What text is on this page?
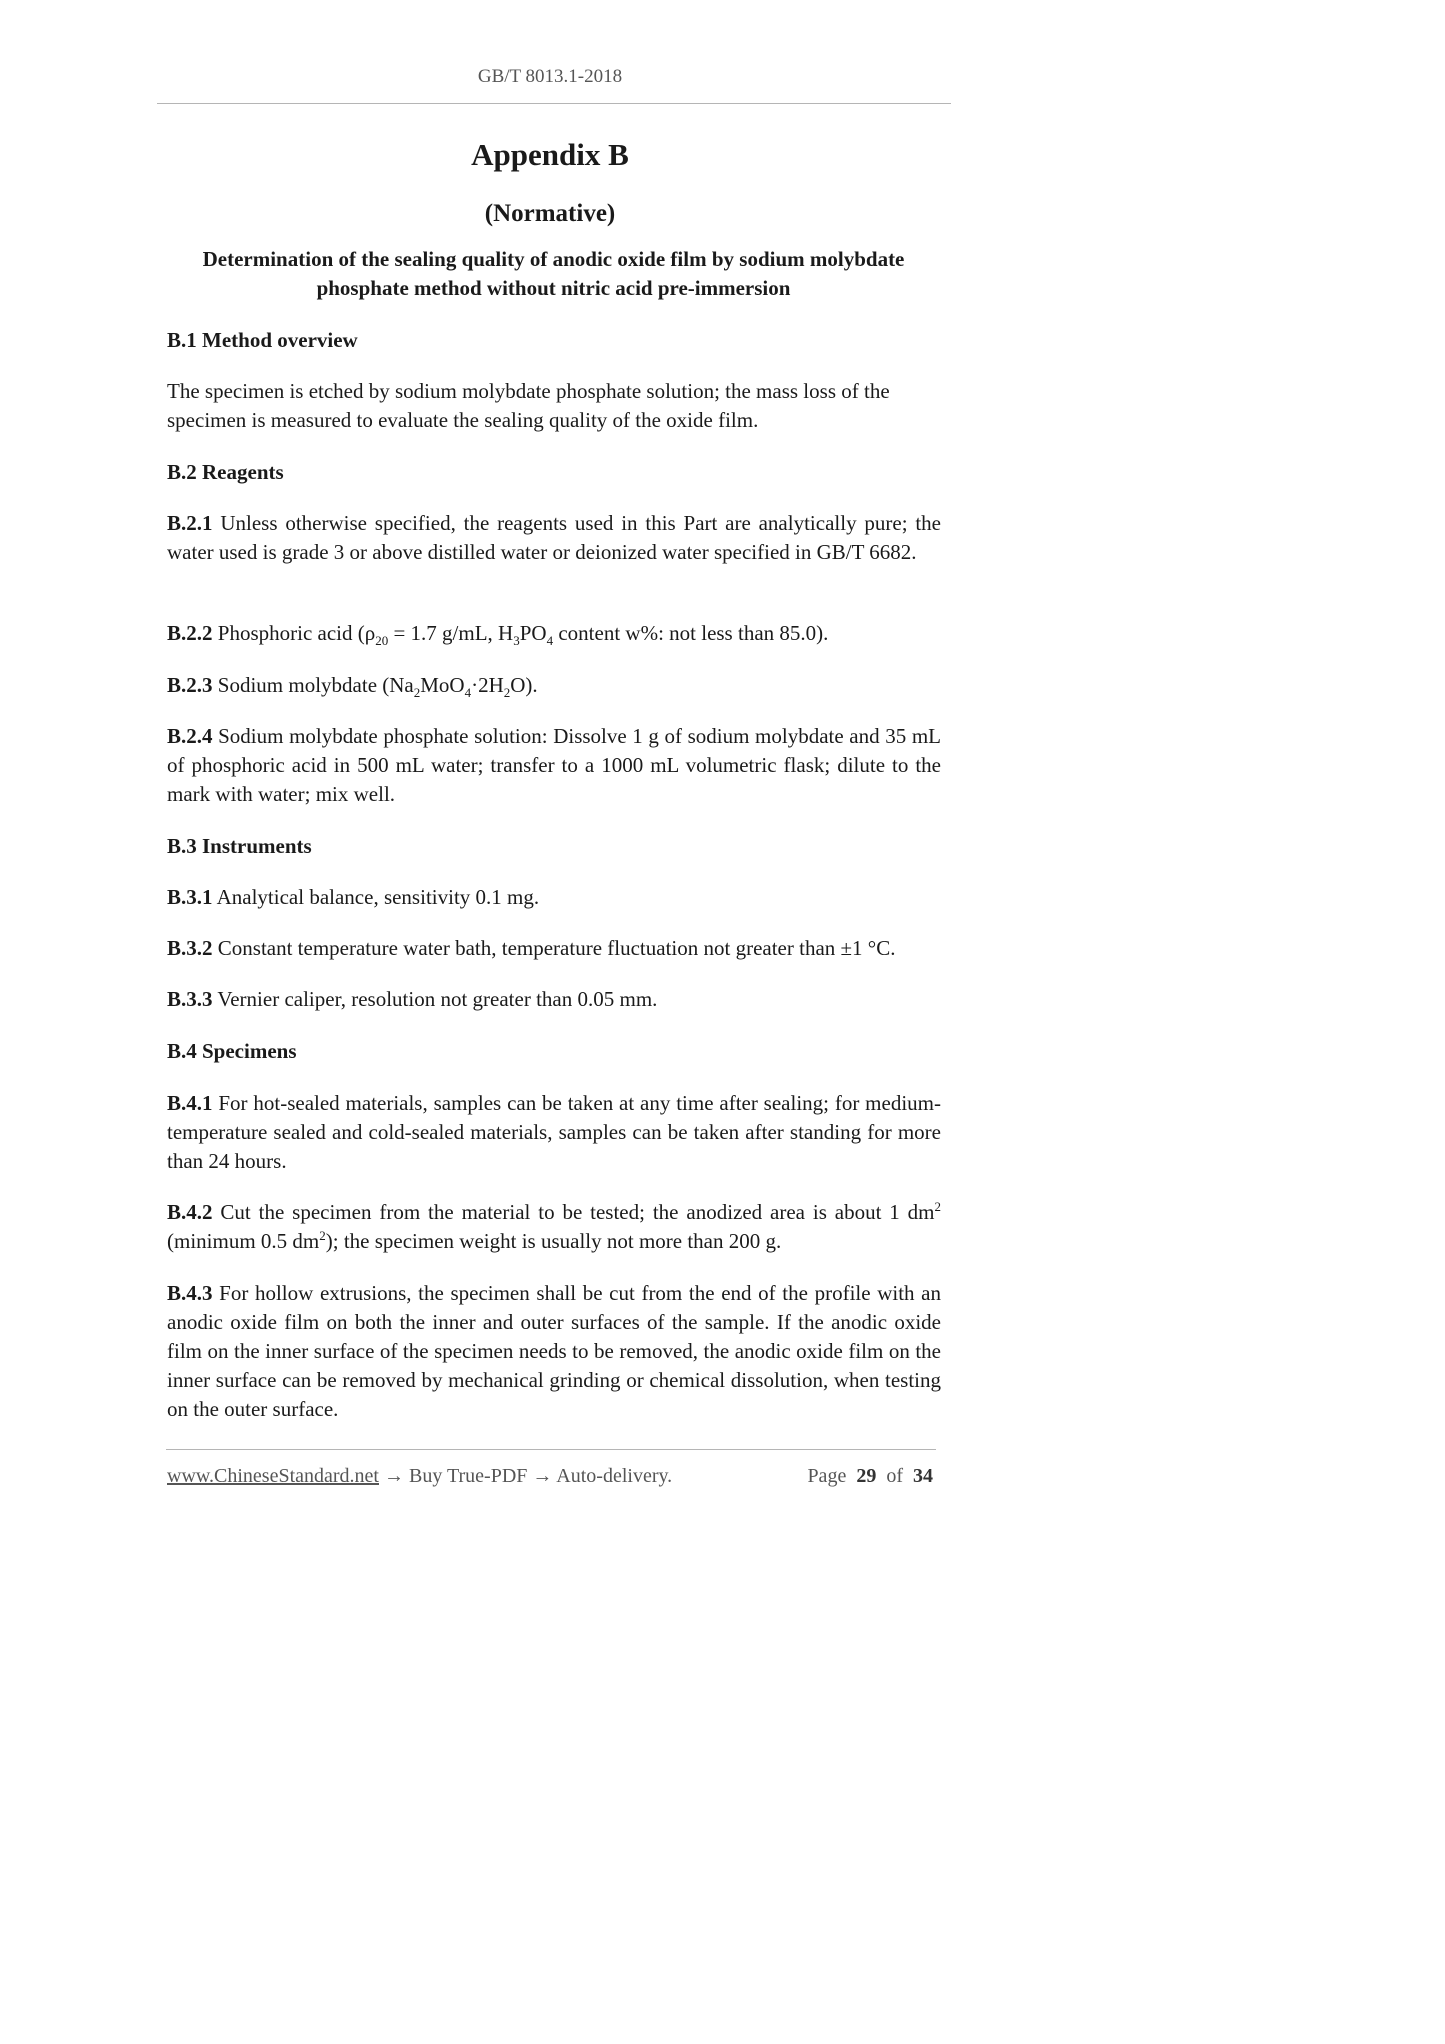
GB/T 8013.1-2018
Appendix B
(Normative)
Determination of the sealing quality of anodic oxide film by sodium molybdate phosphate method without nitric acid pre-immersion
B.1 Method overview
The specimen is etched by sodium molybdate phosphate solution; the mass loss of the specimen is measured to evaluate the sealing quality of the oxide film.
B.2 Reagents
B.2.1 Unless otherwise specified, the reagents used in this Part are analytically pure; the water used is grade 3 or above distilled water or deionized water specified in GB/T 6682.
B.2.2 Phosphoric acid ($\rho_{20} = 1.7$ g/mL, $H_3PO_4$ content w%: not less than 85.0).
B.2.3 Sodium molybdate $(Na_2MoO_4\cdot 2H_2O)$.
B.2.4 Sodium molybdate phosphate solution: Dissolve 1 g of sodium molybdate and 35 mL of phosphoric acid in 500 mL water; transfer to a 1000 mL volumetric flask; dilute to the mark with water; mix well.
B.3 Instruments
B.3.1 Analytical balance, sensitivity 0.1 mg.
B.3.2 Constant temperature water bath, temperature fluctuation not greater than ±1 °C.
B.3.3 Vernier caliper, resolution not greater than 0.05 mm.
B.4 Specimens
B.4.1 For hot-sealed materials, samples can be taken at any time after sealing; for medium-temperature sealed and cold-sealed materials, samples can be taken after standing for more than 24 hours.
B.4.2 Cut the specimen from the material to be tested; the anodized area is about 1 $dm^2$ (minimum 0.5 $dm^2$); the specimen weight is usually not more than 200 g.
B.4.3 For hollow extrusions, the specimen shall be cut from the end of the profile with an anodic oxide film on both the inner and outer surfaces of the sample. If the anodic oxide film on the inner surface of the specimen needs to be removed, the anodic oxide film on the inner surface can be removed by mechanical grinding or chemical dissolution, when testing on the outer surface.
www.ChineseStandard.net → Buy True-PDF → Auto-delivery.	Page 29 of 34
